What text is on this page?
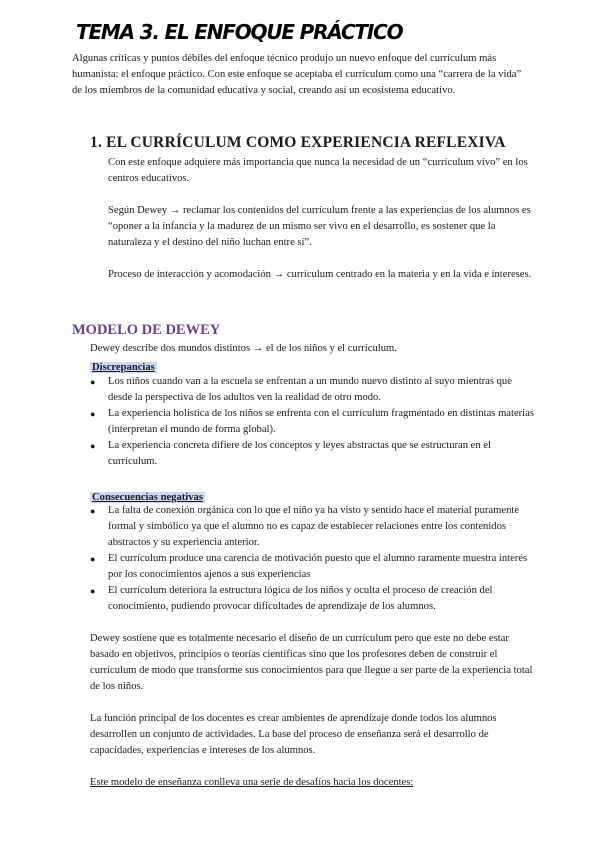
TEMA 3. EL ENFOQUE PRÁCTICO

Algunas críticas y puntos débiles del enfoque técnico produjo un nuevo enfoque del currículum más humanista: el enfoque práctico. Con este enfoque se aceptaba el currículum como una “carrera de la vida” de los miembros de la comunidad educativa y social, creando así un ecosistema educativo.

1. EL CURRÍCULUM COMO EXPERIENCIA REFLEXIVA

Con este enfoque adquiere más importancia que nunca la necesidad de un “currículum vivo” en los centros educativos.

Según Dewey → reclamar los contenidos del currículum frente a las experiencias de los alumnos es “oponer a la infancia y la madurez de un mismo ser vivo en el desarrollo, es sostener que la naturaleza y el destino del niño luchan entre sí”.

Proceso de interacción y acomodación → currículum centrado en la materia y en la vida e intereses.

MODELO DE DEWEY

Dewey describe dos mundos distintos → el de los niños y el currículum.

Discrepancias
● Los niños cuando van a la escuela se enfrentan a un mundo nuevo distinto al suyo mientras que desde la perspectiva de los adultos ven la realidad de otro modo.
● La experiencia holística de los niños se enfrenta con el currículum fragmentado en distintas materias (interpretan el mundo de forma global).
● La experiencia concreta difiere de los conceptos y leyes abstractas que se estructuran en el currículum.
Consecuencias negativas
● La falta de conexión orgánica con lo que el niño ya ha visto y sentido hace el material puramente formal y simbólico ya que el alumno no es capaz de establecer relaciones entre los contenidos abstractos y su experiencia anterior.
● El currículum produce una carencia de motivación puesto que el alumno raramente muestra interés por los conocimientos ajenos a sus experiencias
● El currículum deteriora la estructura lógica de los niños y oculta el proceso de creación del conocimiento, pudiendo provocar dificultades de aprendizaje de los alumnos.

Dewey sostiene que es totalmente necesario el diseño de un currículum pero que este no debe estar basado en objetivos, principios o teorías científicas sino que los profesores deben de construir el currículum de modo que transforme sus conocimientos para que llegue a ser parte de la experiencia total de los niños.

La función principal de los docentes es crear ambientes de aprendizaje donde todos los alumnos desarrollen un conjunto de actividades. La base del proceso de enseñanza será el desarrollo de capacidades, experiencias e intereses de los alumnos.

Este modelo de enseñanza conlleva una serie de desafíos hacia los docentes:
